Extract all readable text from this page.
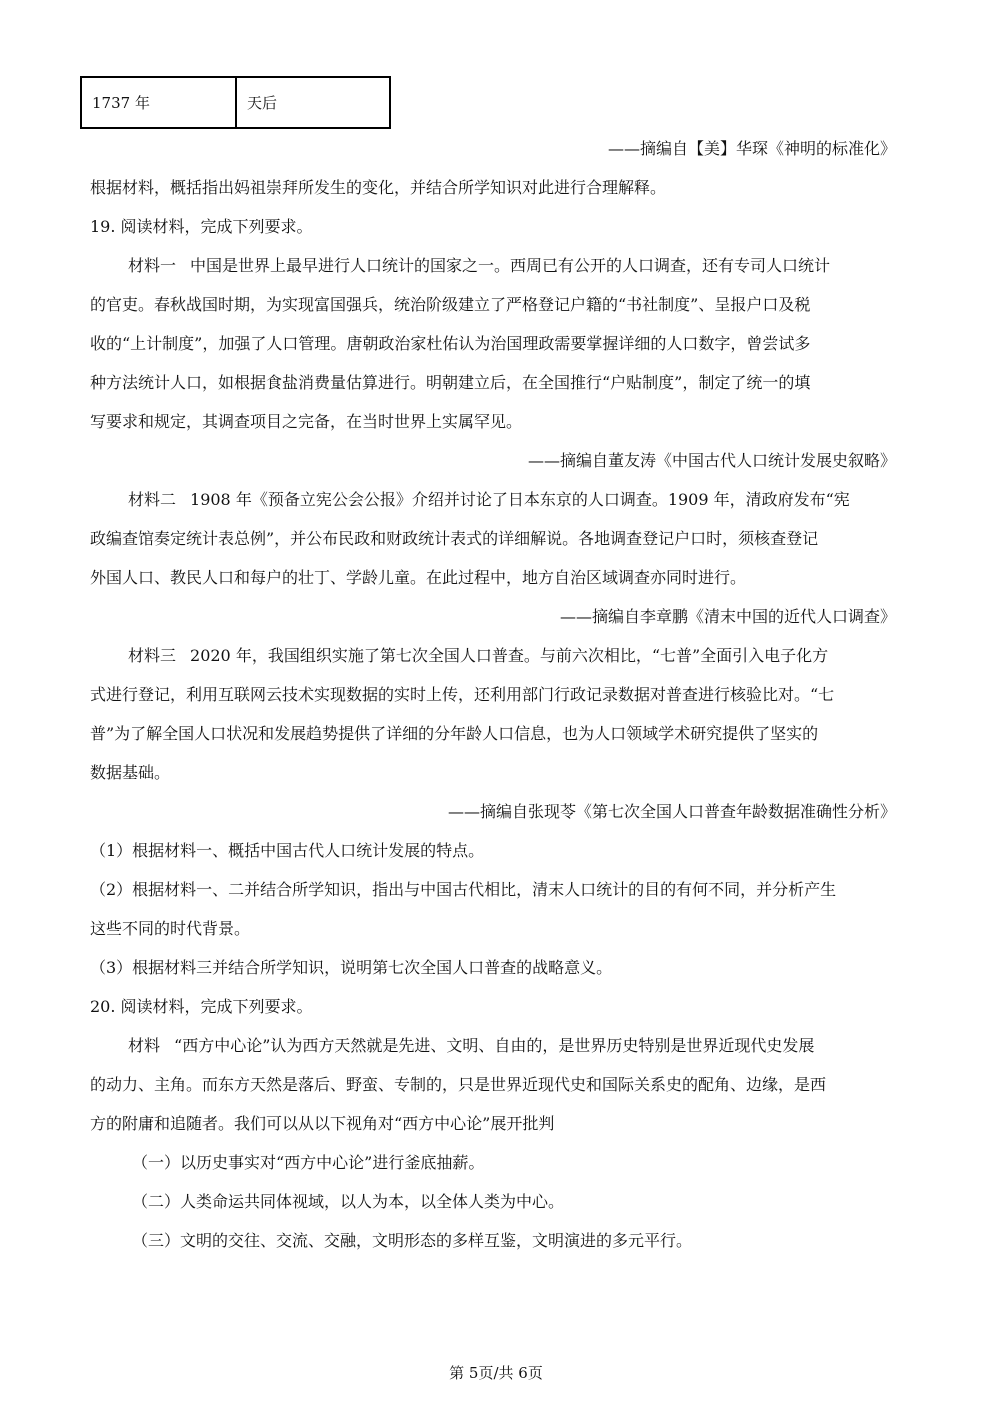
1737 年	天后
——摘编自【美】华琛《神明的标准化》
根据材料，概括指出妈祖崇拜所发生的变化，并结合所学知识对此进行合理解释。
19. 阅读材料，完成下列要求。
材料一 中国是世界上最早进行人口统计的国家之一。西周已有公开的人口调查，还有专司人口统计
的官吏。春秋战国时期，为实现富国强兵，统治阶级建立了严格登记户籍的“书社制度”、呈报户口及税
收的“上计制度”，加强了人口管理。唐朝政治家杜佑认为治国理政需要掌握详细的人口数字，曾尝试多
种方法统计人口，如根据食盐消费量估算进行。明朝建立后，在全国推行“户贴制度”，制定了统一的填
写要求和规定，其调查项目之完备，在当时世界上实属罕见。
——摘编自董友涛《中国古代人口统计发展史叙略》
材料二 1908 年《预备立宪公会公报》介绍并讨论了日本东京的人口调查。1909 年，清政府发布“宪
政编查馆奏定统计表总例”，并公布民政和财政统计表式的详细解说。各地调查登记户口时，须核查登记
外国人口、教民人口和每户的壮丁、学龄儿童。在此过程中，地方自治区域调查亦同时进行。
——摘编自李章鹏《清末中国的近代人口调查》
材料三 2020 年，我国组织实施了第七次全国人口普查。与前六次相比，“七普”全面引入电子化方
式进行登记，利用互联网云技术实现数据的实时上传，还利用部门行政记录数据对普查进行核验比对。“七
普”为了解全国人口状况和发展趋势提供了详细的分年龄人口信息，也为人口领域学术研究提供了坚实的
数据基础。
——摘编自张现苓《第七次全国人口普查年龄数据准确性分析》
（1）根据材料一、概括中国古代人口统计发展的特点。
（2）根据材料一、二并结合所学知识，指出与中国古代相比，清末人口统计的目的有何不同，并分析产生
这些不同的时代背景。
（3）根据材料三并结合所学知识，说明第七次全国人口普查的战略意义。
20. 阅读材料，完成下列要求。
材料 “西方中心论”认为西方天然就是先进、文明、自由的，是世界历史特别是世界近现代史发展
的动力、主角。而东方天然是落后、野蛮、专制的，只是世界近现代史和国际关系史的配角、边缘，是西
方的附庸和追随者。我们可以从以下视角对“西方中心论”展开批判
（一）以历史事实对“西方中心论”进行釜底抽薪。
（二）人类命运共同体视域，以人为本，以全体人类为中心。
（三）文明的交往、交流、交融，文明形态的多样互鉴，文明演进的多元平行。
第 5页/共 6页
